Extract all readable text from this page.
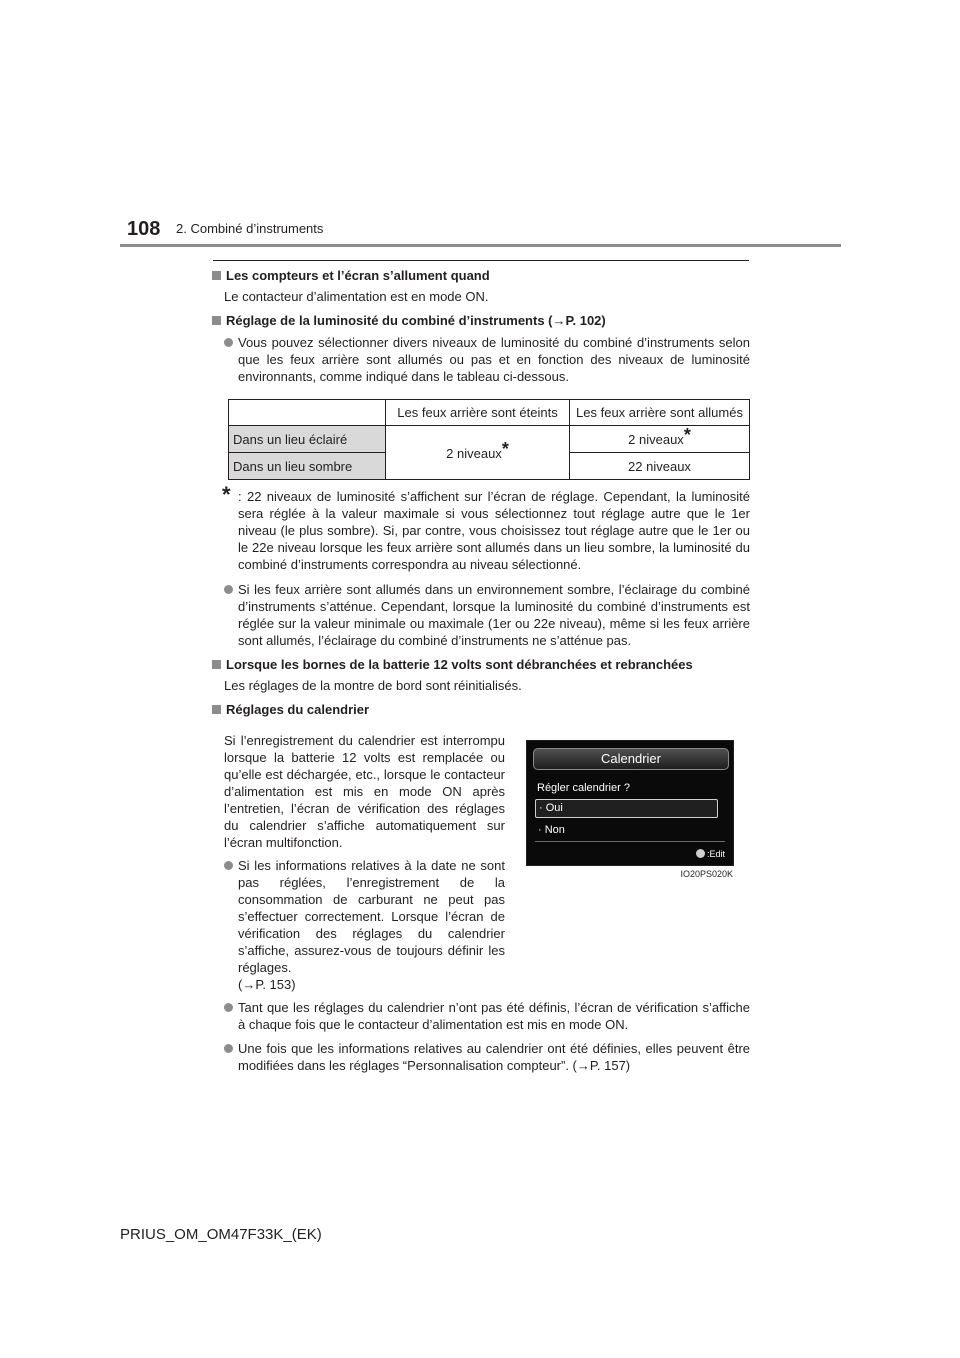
108 2. Combiné d’instruments
Les compteurs et l’écran s’allument quand
Le contacteur d’alimentation est en mode ON.
Réglage de la luminosité du combiné d’instruments (→P. 102)
Vous pouvez sélectionner divers niveaux de luminosité du combiné d’instruments selon que les feux arrière sont allumés ou pas et en fonction des niveaux de luminosité environnants, comme indiqué dans le tableau ci-dessous.
	Les feux arrière sont éteints	Les feux arrière sont allumés
Dans un lieu éclairé	2 niveaux*	2 niveaux*
Dans un lieu sombre		22 niveaux
* : 22 niveaux de luminosité s’affichent sur l’écran de réglage. Cependant, la luminosité sera réglée à la valeur maximale si vous sélectionnez tout réglage autre que le 1er niveau (le plus sombre). Si, par contre, vous choisissez tout réglage autre que le 1er ou le 22e niveau lorsque les feux arrière sont allumés dans un lieu sombre, la luminosité du combiné d’instruments correspondra au niveau sélectionné.
Si les feux arrière sont allumés dans un environnement sombre, l’éclairage du combiné d’instruments s’atténue. Cependant, lorsque la luminosité du combiné d’instruments est réglée sur la valeur minimale ou maximale (1er ou 22e niveau), même si les feux arrière sont allumés, l’éclairage du combiné d’instruments ne s’atténue pas.
Lorsque les bornes de la batterie 12 volts sont débranchées et rebranchées
Les réglages de la montre de bord sont réinitialisés.
Réglages du calendrier
Si l’enregistrement du calendrier est interrompu lorsque la batterie 12 volts est remplacée ou qu’elle est déchargée, etc., lorsque le contacteur d’alimentation est mis en mode ON après l’entretien, l’écran de vérification des réglages du calendrier s’affiche automatiquement sur l’écran multifonction.
Si les informations relatives à la date ne sont pas réglées, l’enregistrement de la consommation de carburant ne peut pas s’effectuer correctement. Lorsque l’écran de vérification des réglages du calendrier s’affiche, assurez-vous de toujours définir les réglages.
(→P. 153)
Calendrier
Régler calendrier ?
· Oui
· Non
:Edit
IO20PS020K
Tant que les réglages du calendrier n’ont pas été définis, l’écran de vérification s’affiche à chaque fois que le contacteur d’alimentation est mis en mode ON.
Une fois que les informations relatives au calendrier ont été définies, elles peuvent être modifiées dans les réglages “Personnalisation compteur”. (→P. 157)
PRIUS_OM_OM47F33K_(EK)
